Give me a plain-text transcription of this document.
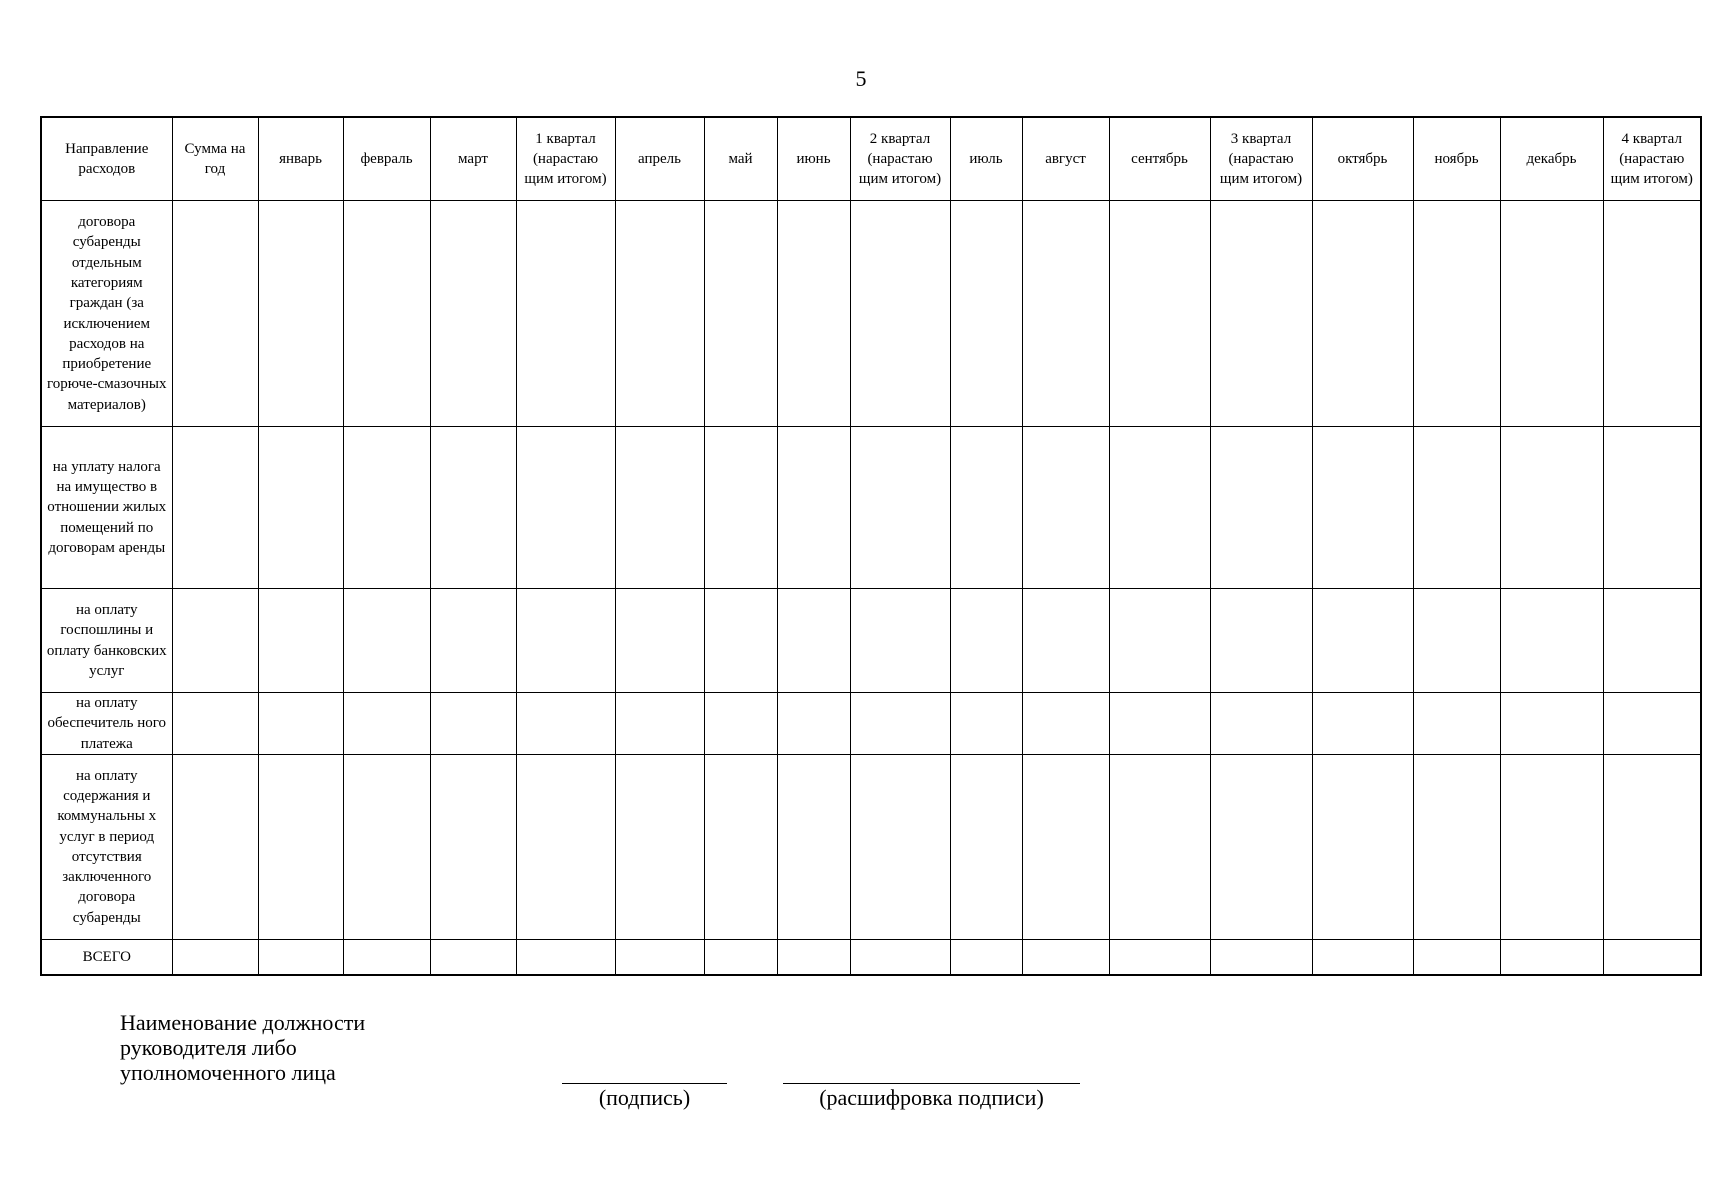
5
Направление расходов	Сумма на год	январь	февраль	март	1 квартал (нарастаю щим итогом)	апрель	май	июнь	2 квартал (нарастаю щим итогом)	июль	август	сентябрь	3 квартал (нарастаю щим итогом)	октябрь	ноябрь	декабрь	4 квартал (нарастаю щим итогом)
договора субаренды отдельным категориям граждан (за исключением расходов на приобретение горюче-смазочных материалов)																	
на уплату налога на имущество в отношении жилых помещений по договорам аренды																	
на оплату госпошлины и оплату банковских услуг																	
на оплату обеспечитель ного платежа																	
на оплату содержания и коммунальны х услуг в период отсутствия заключенного договора субаренды																	
ВСЕГО																	
Наименование должности
руководителя либо
уполномоченного лица
(подпись)	(расшифровка подписи)
